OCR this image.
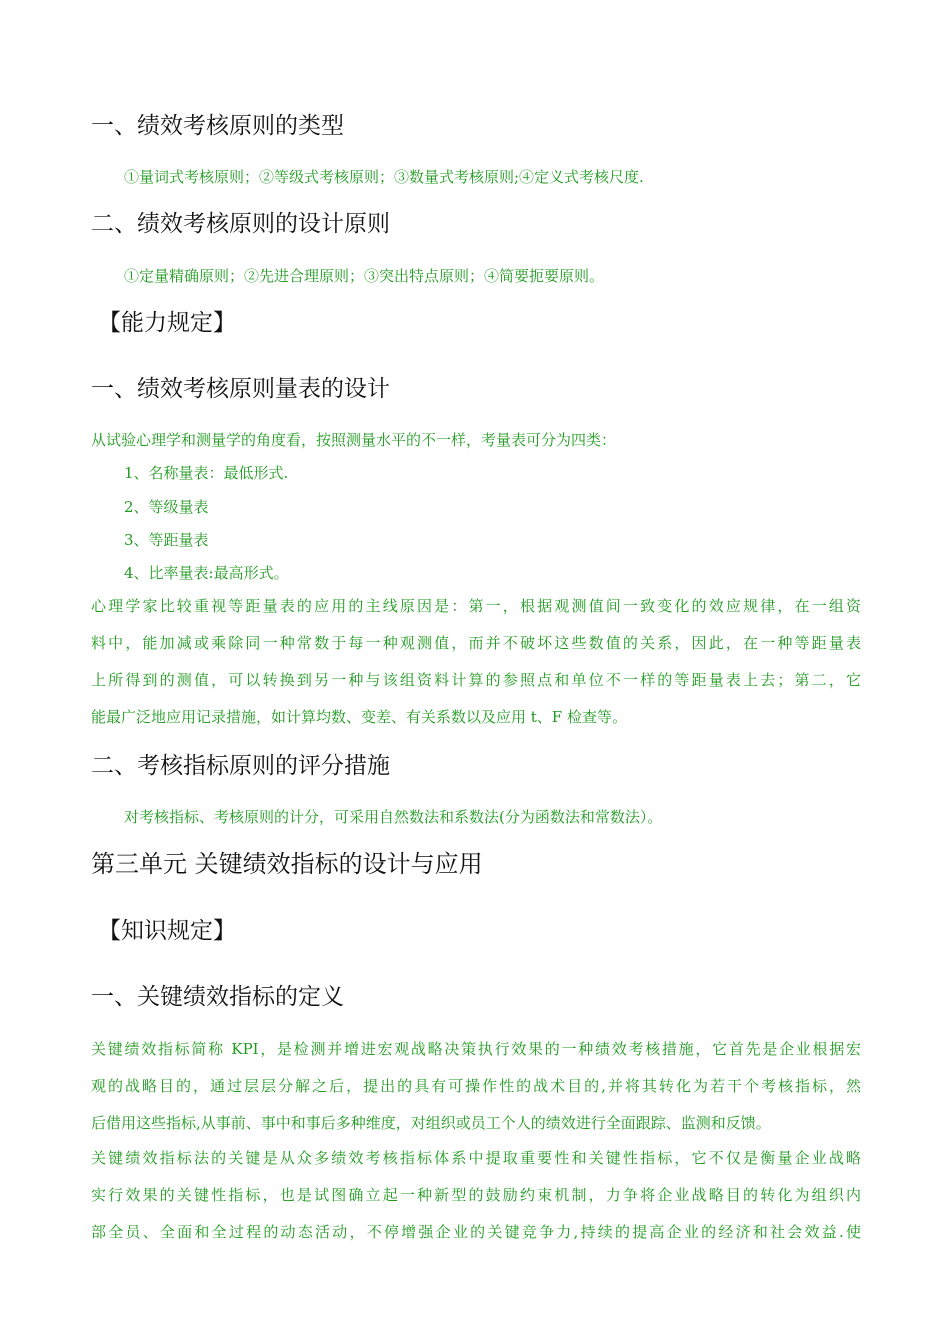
一、绩效考核原则的类型
①量词式考核原则；②等级式考核原则；③数量式考核原则;④定义式考核尺度.
二、绩效考核原则的设计原则
①定量精确原则；②先进合理原则；③突出特点原则；④简要扼要原则。
【能力规定】
一、绩效考核原则量表的设计
从试验心理学和测量学的角度看，按照测量水平的不一样，考量表可分为四类：
1、名称量表：最低形式.
2、等级量表
3、等距量表
4、比率量表:最高形式。
心理学家比较重视等距量表的应用的主线原因是：第一，根据观测值间一致变化的效应规律，在一组资
料中，能加减或乘除同一种常数于每一种观测值，而并不破坏这些数值的关系，因此，在一种等距量表
上所得到的测值，可以转换到另一种与该组资料计算的参照点和单位不一样的等距量表上去；第二，它
能最广泛地应用记录措施，如计算均数、变差、有关系数以及应用 t、F 检查等。
二、考核指标原则的评分措施
对考核指标、考核原则的计分，可采用自然数法和系数法(分为函数法和常数法）。
第三单元 关键绩效指标的设计与应用
【知识规定】
一、关键绩效指标的定义
关键绩效指标简称 KPI，是检测并增进宏观战略决策执行效果的一种绩效考核措施，它首先是企业根据宏
观的战略目的，通过层层分解之后，提出的具有可操作性的战术目的,并将其转化为若干个考核指标，然
后借用这些指标,从事前、事中和事后多种维度，对组织或员工个人的绩效进行全面跟踪、监测和反馈。
关键绩效指标法的关键是从众多绩效考核指标体系中提取重要性和关键性指标，它不仅是衡量企业战略
实行效果的关键性指标，也是试图确立起一种新型的鼓励约束机制，力争将企业战略目的转化为组织内
部全员、全面和全过程的动态活动，不停增强企业的关键竞争力,持续的提高企业的经济和社会效益.使
